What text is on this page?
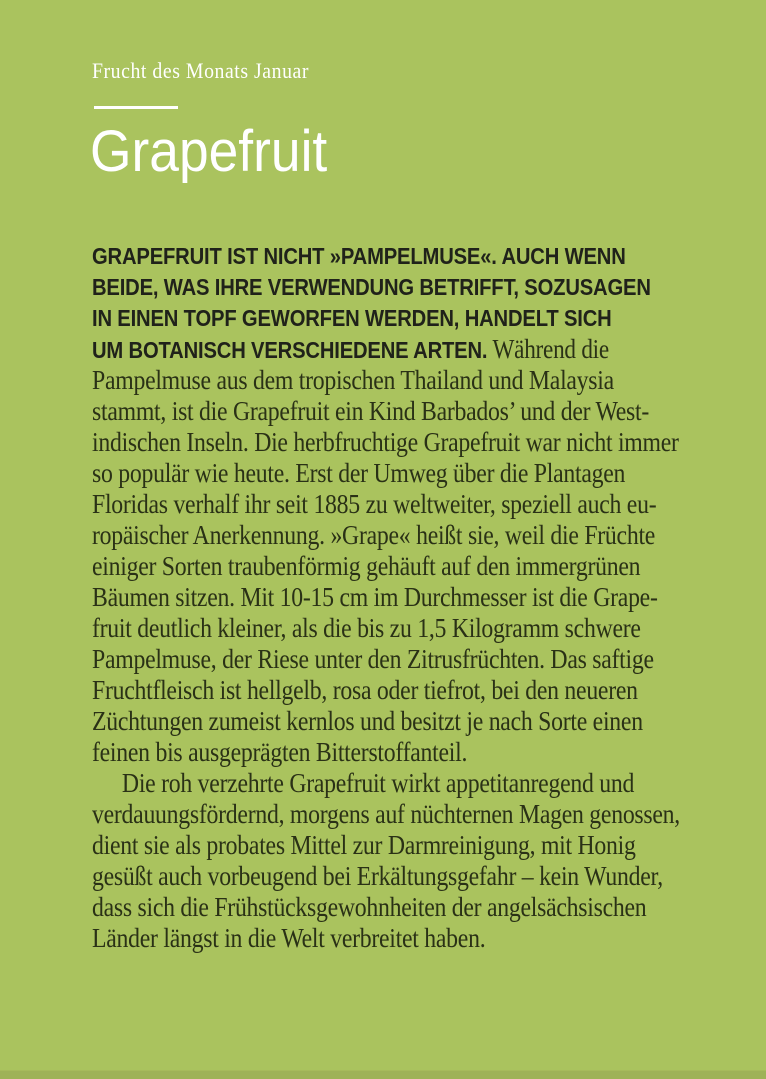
Frucht des Monats Januar
Grapefruit
GRAPEFRUIT IST NICHT »PAMPELMUSE«. AUCH WENN
BEIDE, WAS IHRE VERWENDUNG BETRIFFT, SOZUSAGEN
IN EINEN TOPF GEWORFEN WERDEN, HANDELT SICH
UM BOTANISCH VERSCHIEDENE ARTEN. Während die
Pampelmuse aus dem tropischen Thailand und Malaysia
stammt, ist die Grapefruit ein Kind Barbados’ und der West-
indischen Inseln. Die herbfruchtige Grapefruit war nicht immer
so populär wie heute. Erst der Umweg über die Plantagen
Floridas verhalf ihr seit 1885 zu weltweiter, speziell auch eu-
ropäischer Anerkennung. »Grape« heißt sie, weil die Früchte
einiger Sorten traubenförmig gehäuft auf den immergrünen
Bäumen sitzen. Mit 10-15 cm im Durchmesser ist die Grape-
fruit deutlich kleiner, als die bis zu 1,5 Kilogramm schwere
Pampelmuse, der Riese unter den Zitrusfrüchten. Das saftige
Fruchtfleisch ist hellgelb, rosa oder tiefrot, bei den neueren
Züchtungen zumeist kernlos und besitzt je nach Sorte einen
feinen bis ausgeprägten Bitterstoffanteil.
Die roh verzehrte Grapefruit wirkt appetitanregend und
verdauungsfördernd, morgens auf nüchternen Magen genossen,
dient sie als probates Mittel zur Darmreinigung, mit Honig
gesüßt auch vorbeugend bei Erkältungsgefahr – kein Wunder,
dass sich die Frühstücksgewohnheiten der angelsächsischen
Länder längst in die Welt verbreitet haben.
